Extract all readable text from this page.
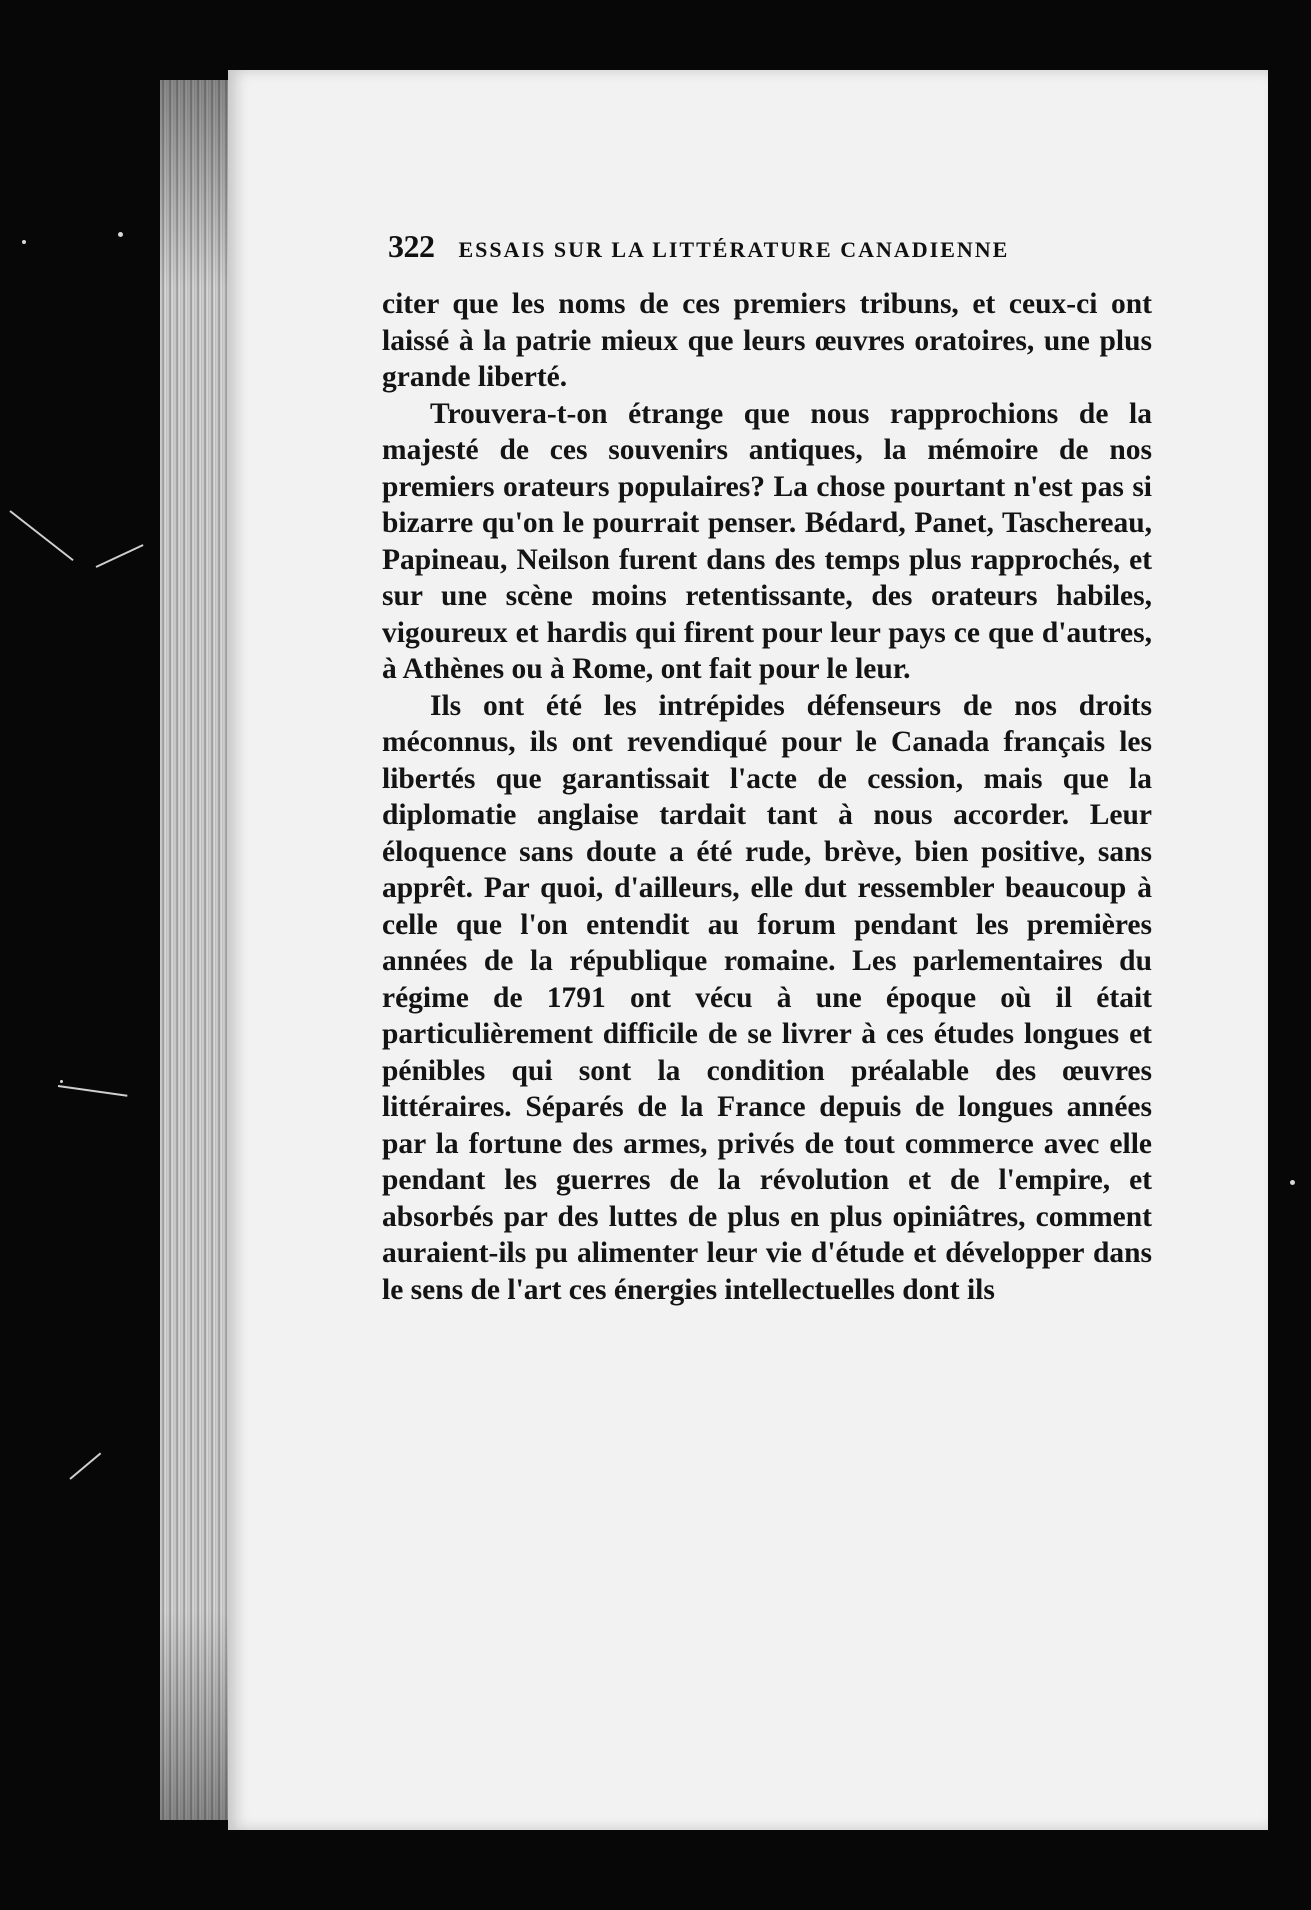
322 ESSAIS SUR LA LITTÉRATURE CANADIENNE

citer que les noms de ces premiers tribuns, et ceux-ci ont laissé à la patrie mieux que leurs œuvres oratoires, une plus grande liberté.

Trouvera-t-on étrange que nous rapprochions de la majesté de ces souvenirs antiques, la mémoire de nos premiers orateurs populaires? La chose pourtant n'est pas si bizarre qu'on le pourrait penser. Bédard, Panet, Taschereau, Papineau, Neilson furent dans des temps plus rapprochés, et sur une scène moins retentissante, des orateurs habiles, vigoureux et hardis qui firent pour leur pays ce que d'autres, à Athènes ou à Rome, ont fait pour le leur.

Ils ont été les intrépides défenseurs de nos droits méconnus, ils ont revendiqué pour le Canada français les libertés que garantissait l'acte de cession, mais que la diplomatie anglaise tardait tant à nous accorder. Leur éloquence sans doute a été rude, brève, bien positive, sans apprêt. Par quoi, d'ailleurs, elle dut ressembler beaucoup à celle que l'on entendit au forum pendant les premières années de la république romaine. Les parlementaires du régime de 1791 ont vécu à une époque où il était particulièrement difficile de se livrer à ces études longues et pénibles qui sont la condition préalable des œuvres littéraires. Séparés de la France depuis de longues années par la fortune des armes, privés de tout commerce avec elle pendant les guerres de la révolution et de l'empire, et absorbés par des luttes de plus en plus opiniâtres, comment auraient-ils pu alimenter leur vie d'étude et développer dans le sens de l'art ces énergies intellectuelles dont ils
